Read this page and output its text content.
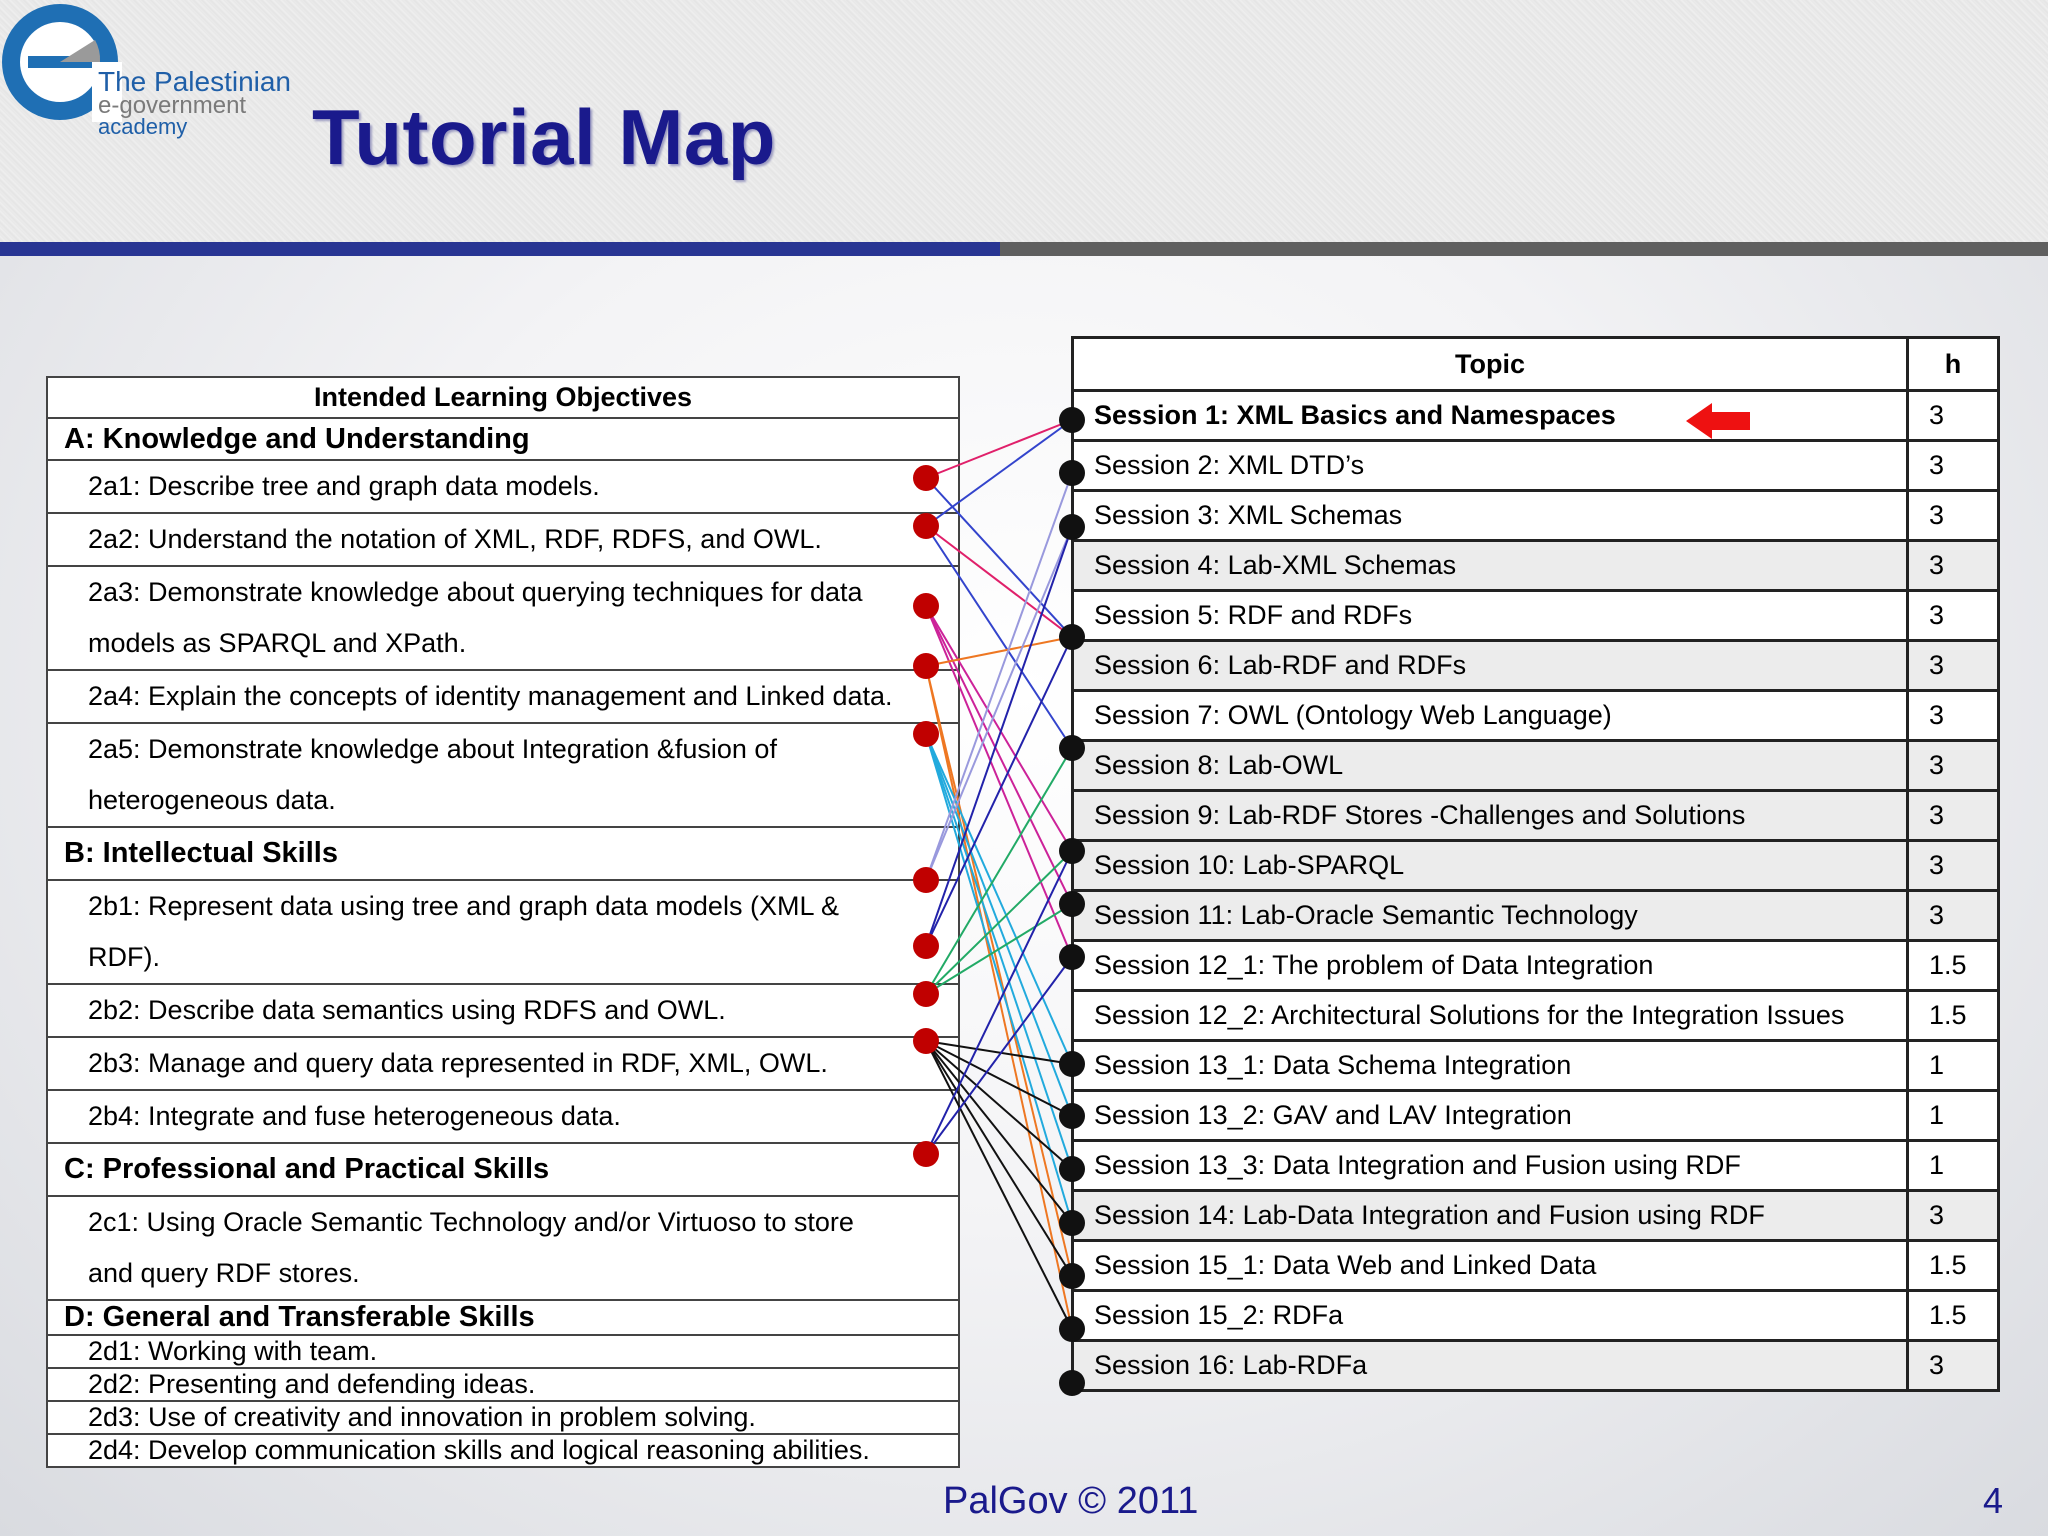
The Palestinian
e-government
academy Tutorial Map
Intended Learning Objectives
A: Knowledge and Understanding
2a1: Describe tree and graph data models.
2a2: Understand the notation of XML, RDF, RDFS, and OWL.
2a3: Demonstrate knowledge about querying techniques for data
models as SPARQL and XPath.
2a4: Explain the concepts of identity management and Linked data.
2a5: Demonstrate knowledge about Integration &fusion of
heterogeneous data.
B: Intellectual Skills
2b1: Represent data using tree and graph data models (XML &
RDF).
2b2: Describe data semantics using RDFS and OWL.
2b3: Manage and query data represented in RDF, XML, OWL.
2b4: Integrate and fuse heterogeneous data.
C: Professional and Practical Skills
2c1: Using Oracle Semantic Technology and/or Virtuoso to store
and query RDF stores.
D: General and Transferable Skills
2d1: Working with team.
2d2: Presenting and defending ideas.
2d3: Use of creativity and innovation in problem solving.
2d4: Develop communication skills and logical reasoning abilities.
Topic	h
Session 1: XML Basics and Namespaces	3
Session 2: XML DTD’s	3
Session 3: XML Schemas	3
Session 4: Lab-XML Schemas	3
Session 5: RDF and RDFs	3
Session 6: Lab-RDF and RDFs	3
Session 7: OWL (Ontology Web Language)	3
Session 8: Lab-OWL	3
Session 9: Lab-RDF Stores -Challenges and Solutions	3
Session 10: Lab-SPARQL	3
Session 11: Lab-Oracle Semantic Technology	3
Session 12_1: The problem of Data Integration	1.5
Session 12_2: Architectural Solutions for the Integration Issues	1.5
Session 13_1: Data Schema Integration	1
Session 13_2: GAV and LAV Integration	1
Session 13_3: Data Integration and Fusion using RDF	1
Session 14: Lab-Data Integration and Fusion using RDF	3
Session 15_1: Data Web and Linked Data	1.5
Session 15_2: RDFa	1.5
Session 16: Lab-RDFa	3
PalGov © 2011	4
